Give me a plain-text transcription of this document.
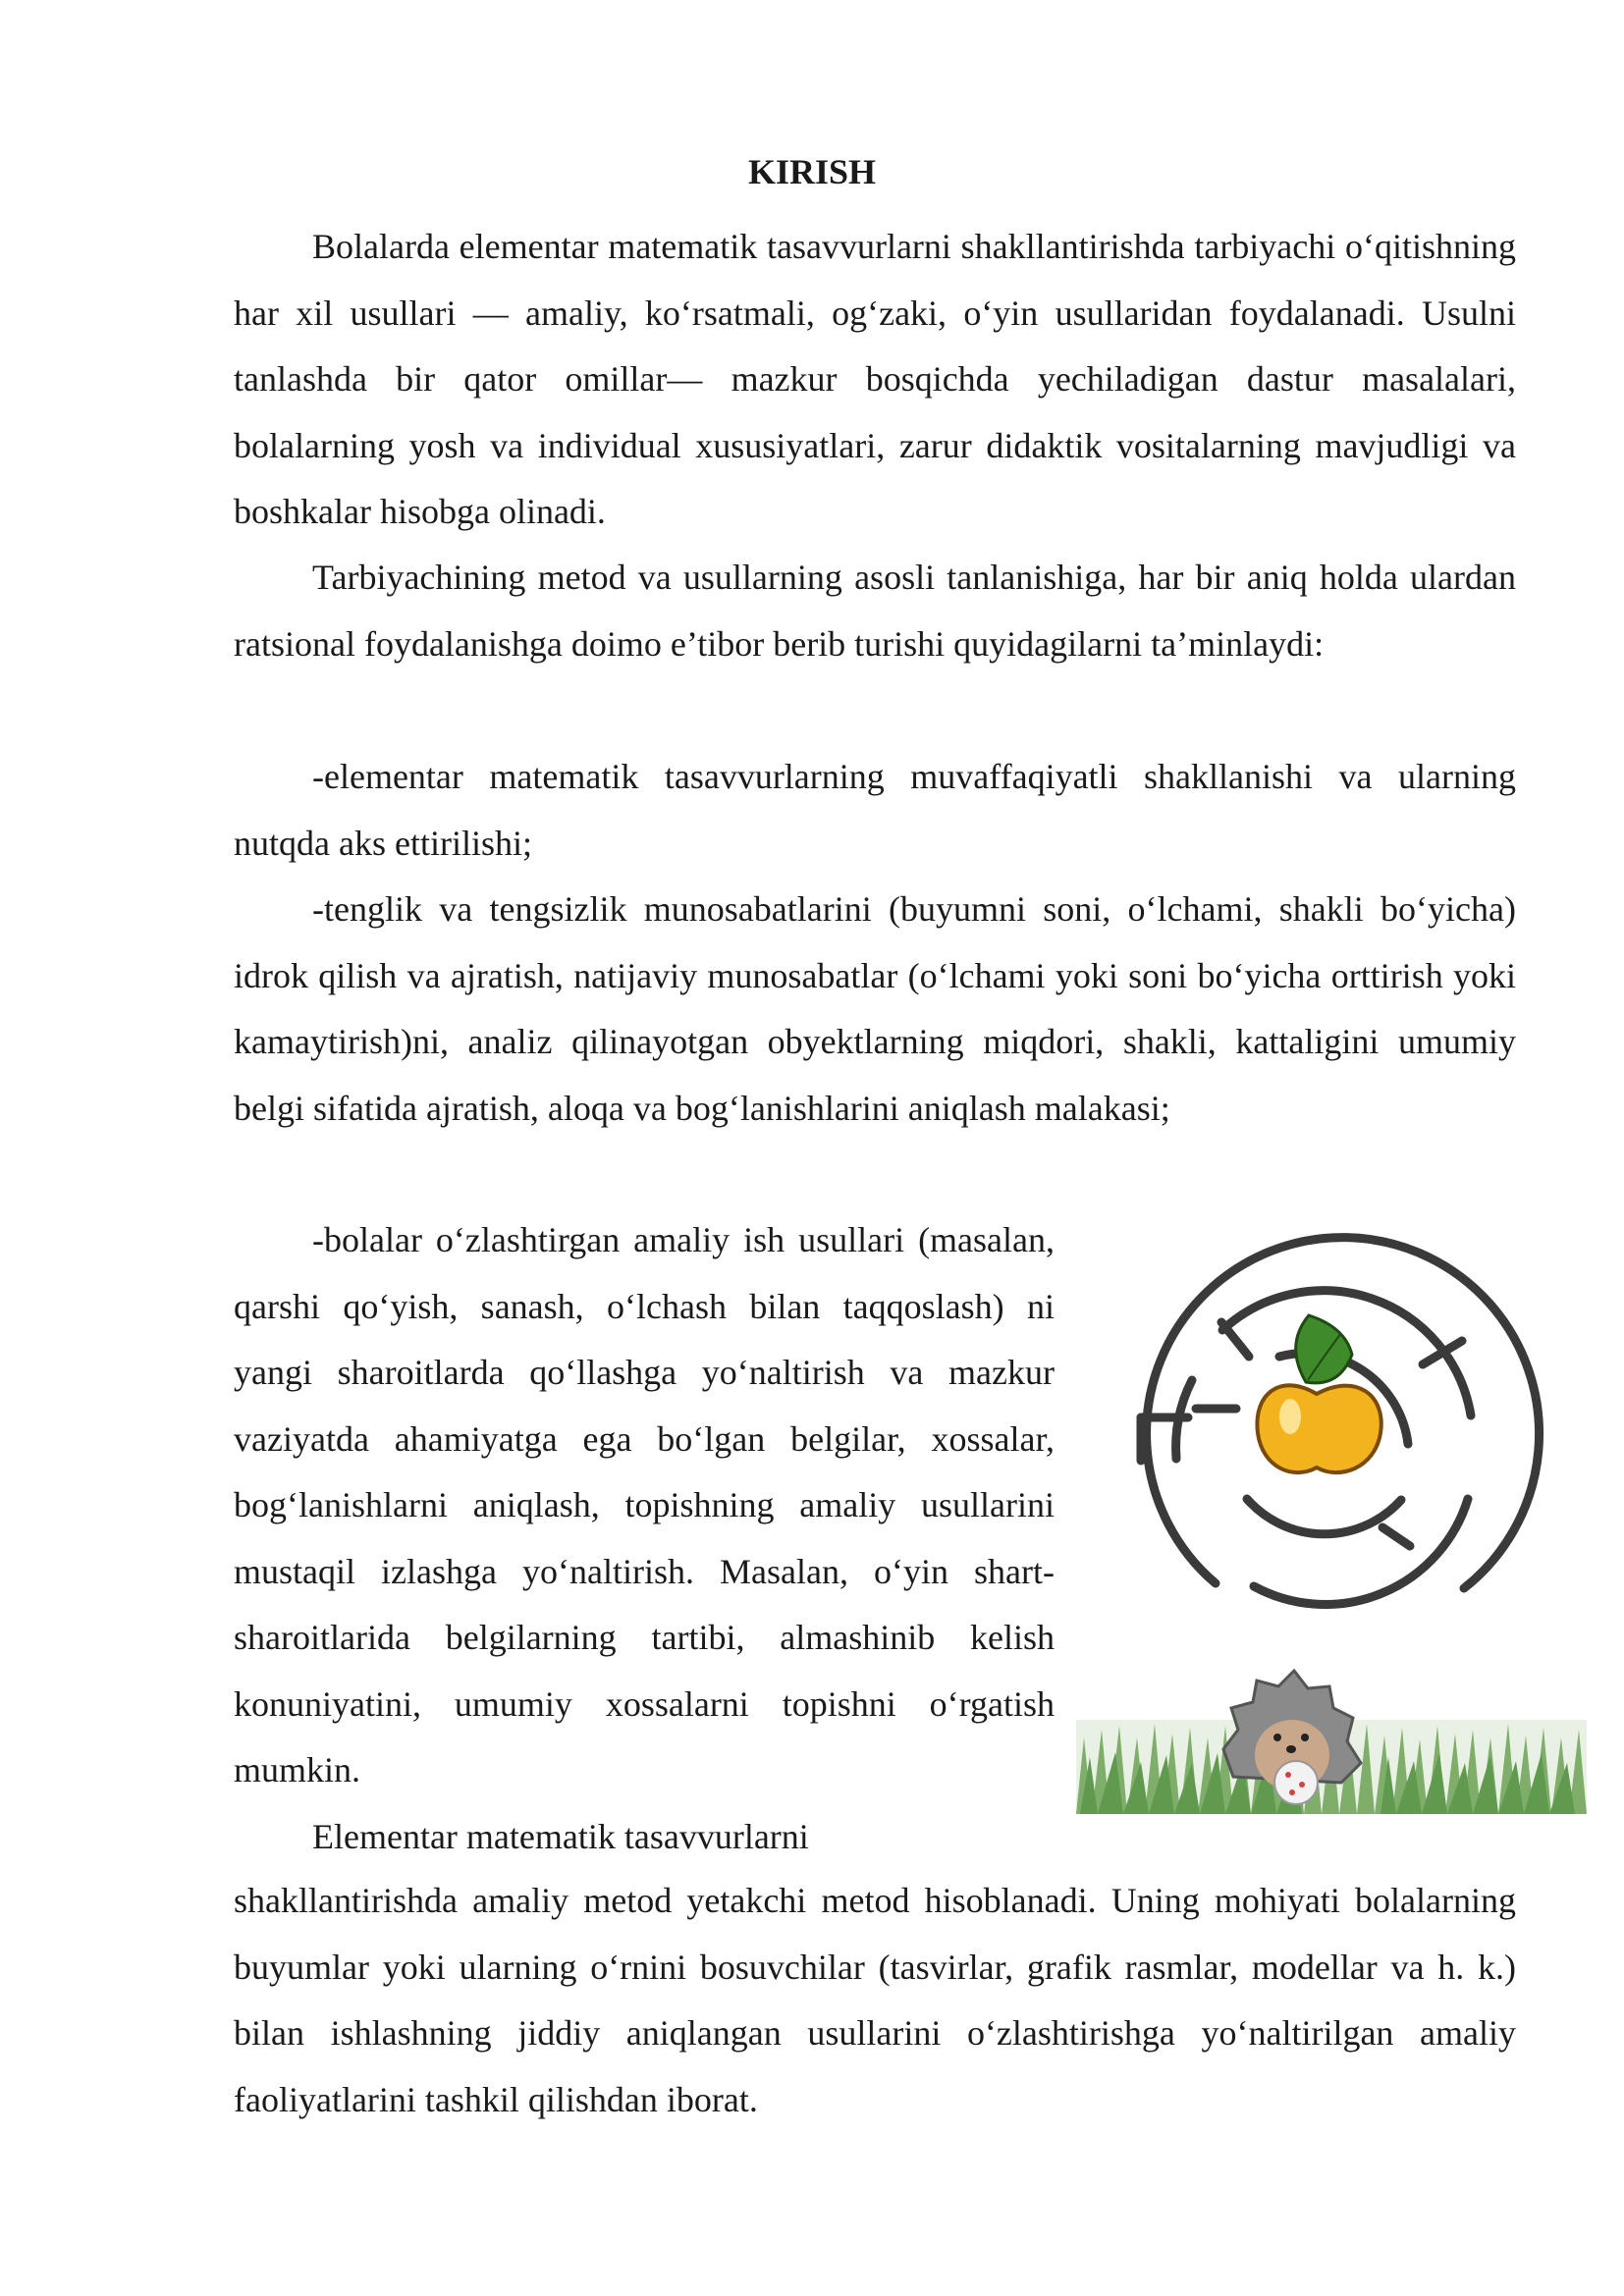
KIRISH

Bolalarda elementar matematik tasavvurlarni shakllantirishda tarbiyachi oʻqitishning har xil usullari — amaliy, koʻrsatmali, ogʻzaki, oʻyin usullaridan foydalanadi. Usulni tanlashda bir qator omillar— mazkur bosqichda yechiladigan dastur masalalari, bolalarning yosh va individual xususiyatlari, zarur didaktik vositalarning mavjudligi va boshkalar hisobga olinadi.

Tarbiyachining metod va usullarning asosli tanlanishiga, har bir aniq holda ulardan ratsional foydalanishga doimo e’tibor berib turishi quyidagilarni ta’minlaydi:

-elementar matematik tasavvurlarning muvaffaqiyatli shakllanishi va ularning nutqda aks ettirilishi;

-tenglik va tengsizlik munosabatlarini (buyumni soni, oʻlchami, shakli boʻyicha) idrok qilish va ajratish, natijaviy munosabatlar (oʻlchami yoki soni boʻyicha orttirish yoki kamaytirish)ni, analiz qilinayotgan obyektlarning miqdori, shakli, kattaligini umumiy belgi sifatida ajratish, aloqa va bogʻlanishlarini aniqlash malakasi;

-bolalar oʻzlashtirgan amaliy ish usullari (masalan, qarshi qoʻyish, sanash, oʻlchash bilan taqqoslash) ni yangi sharoitlarda qoʻllashga yoʻnaltirish va mazkur vaziyatda ahamiyatga ega boʻlgan belgilar, xossalar, bogʻlanishlarni aniqlash, topishning amaliy usullarini mustaqil izlashga yoʻnaltirish. Masalan, oʻyin shart-sharoitlarida belgilarning tartibi, almashinib kelish konuniyatini, umumiy xossalarni topishni oʻrgatish mumkin.

Elementar matematik tasavvurlarni

shakllantirishda amaliy metod yetakchi metod hisoblanadi. Uning mohiyati bolalarning buyumlar yoki ularning oʻrnini bosuvchilar (tasvirlar, grafik rasmlar, modellar va h. k.) bilan ishlashning jiddiy aniqlangan usullarini oʻzlashtirishga yoʻnaltirilgan amaliy faoliyatlarini tashkil qilishdan iborat.
